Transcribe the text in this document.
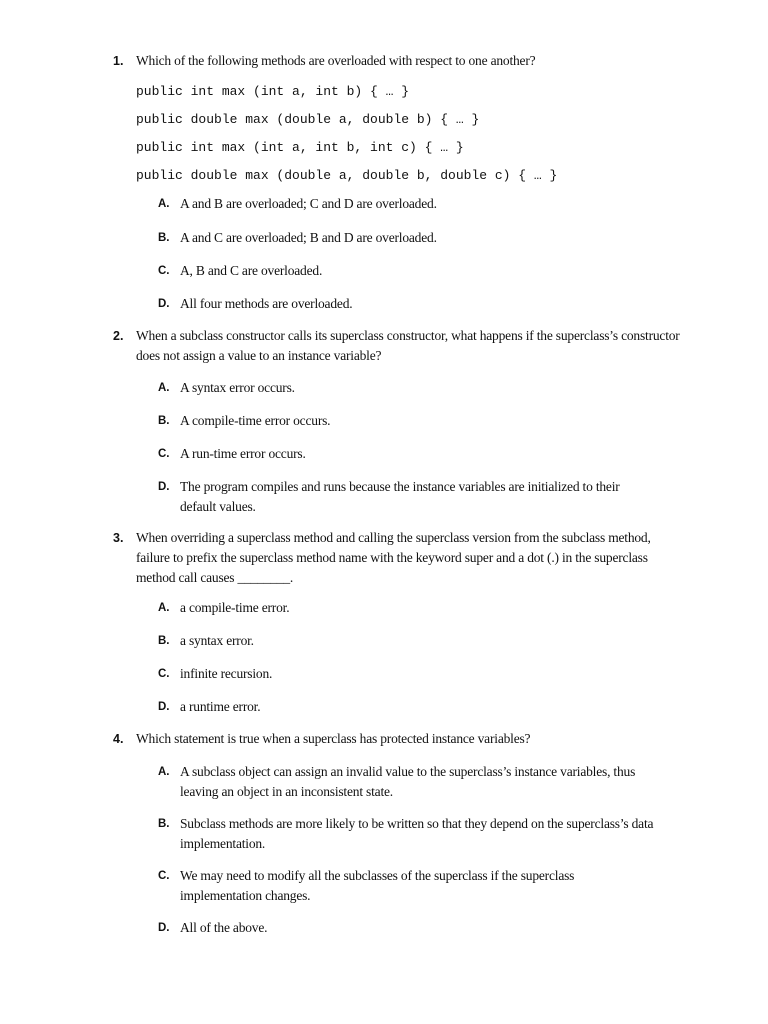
1. Which of the following methods are overloaded with respect to one another?
public int max (int a, int b) { … }
public double max (double a, double b) { … }
public int max (int a, int b, int c) { … }
public double max (double a, double b, double c) { … }
A. A and B are overloaded; C and D are overloaded.
B. A and C are overloaded; B and D are overloaded.
C. A, B and C are overloaded.
D. All four methods are overloaded.
2. When a subclass constructor calls its superclass constructor, what happens if the superclass’s constructor does not assign a value to an instance variable?
A. A syntax error occurs.
B. A compile-time error occurs.
C. A run-time error occurs.
D. The program compiles and runs because the instance variables are initialized to their default values.
3. When overriding a superclass method and calling the superclass version from the subclass method, failure to prefix the superclass method name with the keyword super and a dot (.) in the superclass method call causes ________.
A. a compile-time error.
B. a syntax error.
C. infinite recursion.
D. a runtime error.
4. Which statement is true when a superclass has protected instance variables?
A. A subclass object can assign an invalid value to the superclass’s instance variables, thus leaving an object in an inconsistent state.
B. Subclass methods are more likely to be written so that they depend on the superclass’s data implementation.
C. We may need to modify all the subclasses of the superclass if the superclass implementation changes.
D. All of the above.
